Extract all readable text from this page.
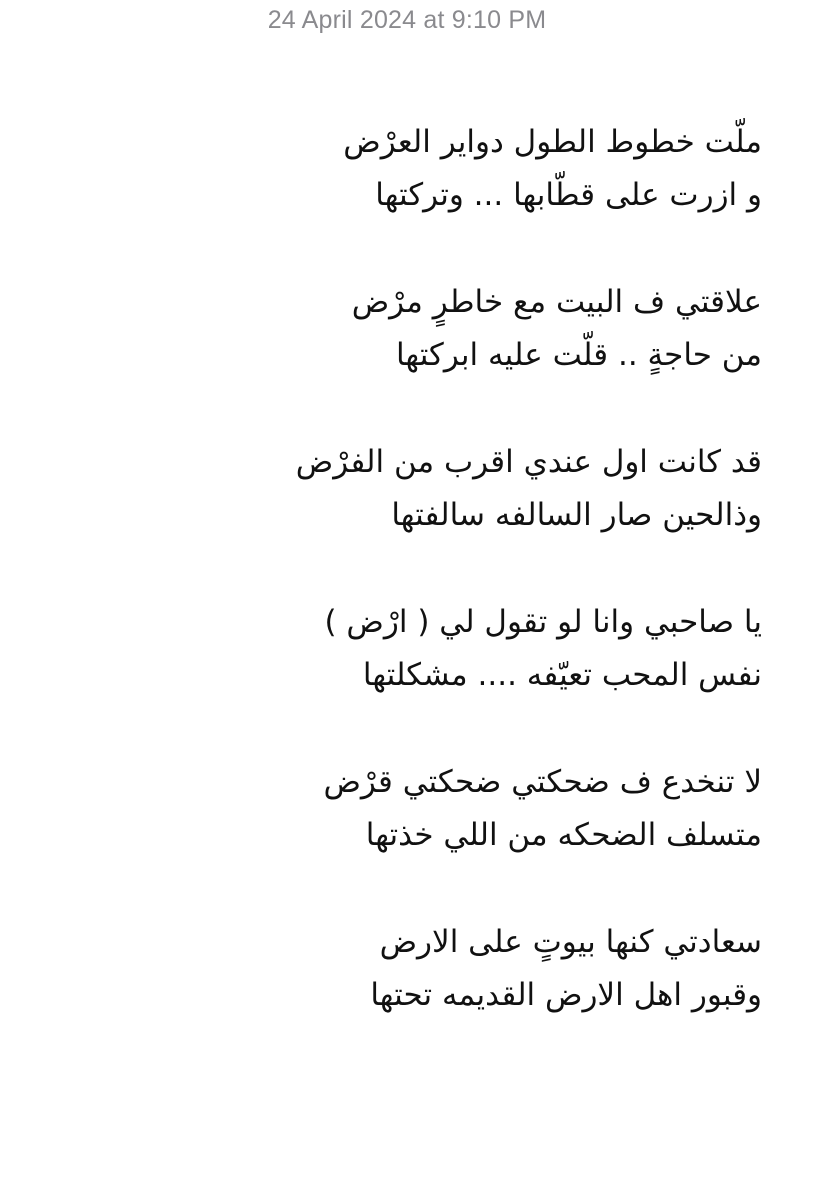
24 April 2024 at 9:10 PM
ملّت خطوط الطول دواير العرْض
و ازرت على قطّابها ... وتركتها
علاقتي ف البيت مع خاطرٍ مرْض
من حاجةٍ .. قلّت عليه ابركتها
قد كانت اول عندي اقرب من الفرْض
وذالحين صار السالفه سالفتها
يا صاحبي وانا لو تقول لي ( ارْض )
نفس المحب تعيّفه .... مشكلتها
لا تنخدع ف ضحكتي ضحكتي قرْض
متسلف الضحكه من اللي خذتها
سعادتي كنها بيوتٍ على الارض
وقبور اهل الارض القديمه تحتها
